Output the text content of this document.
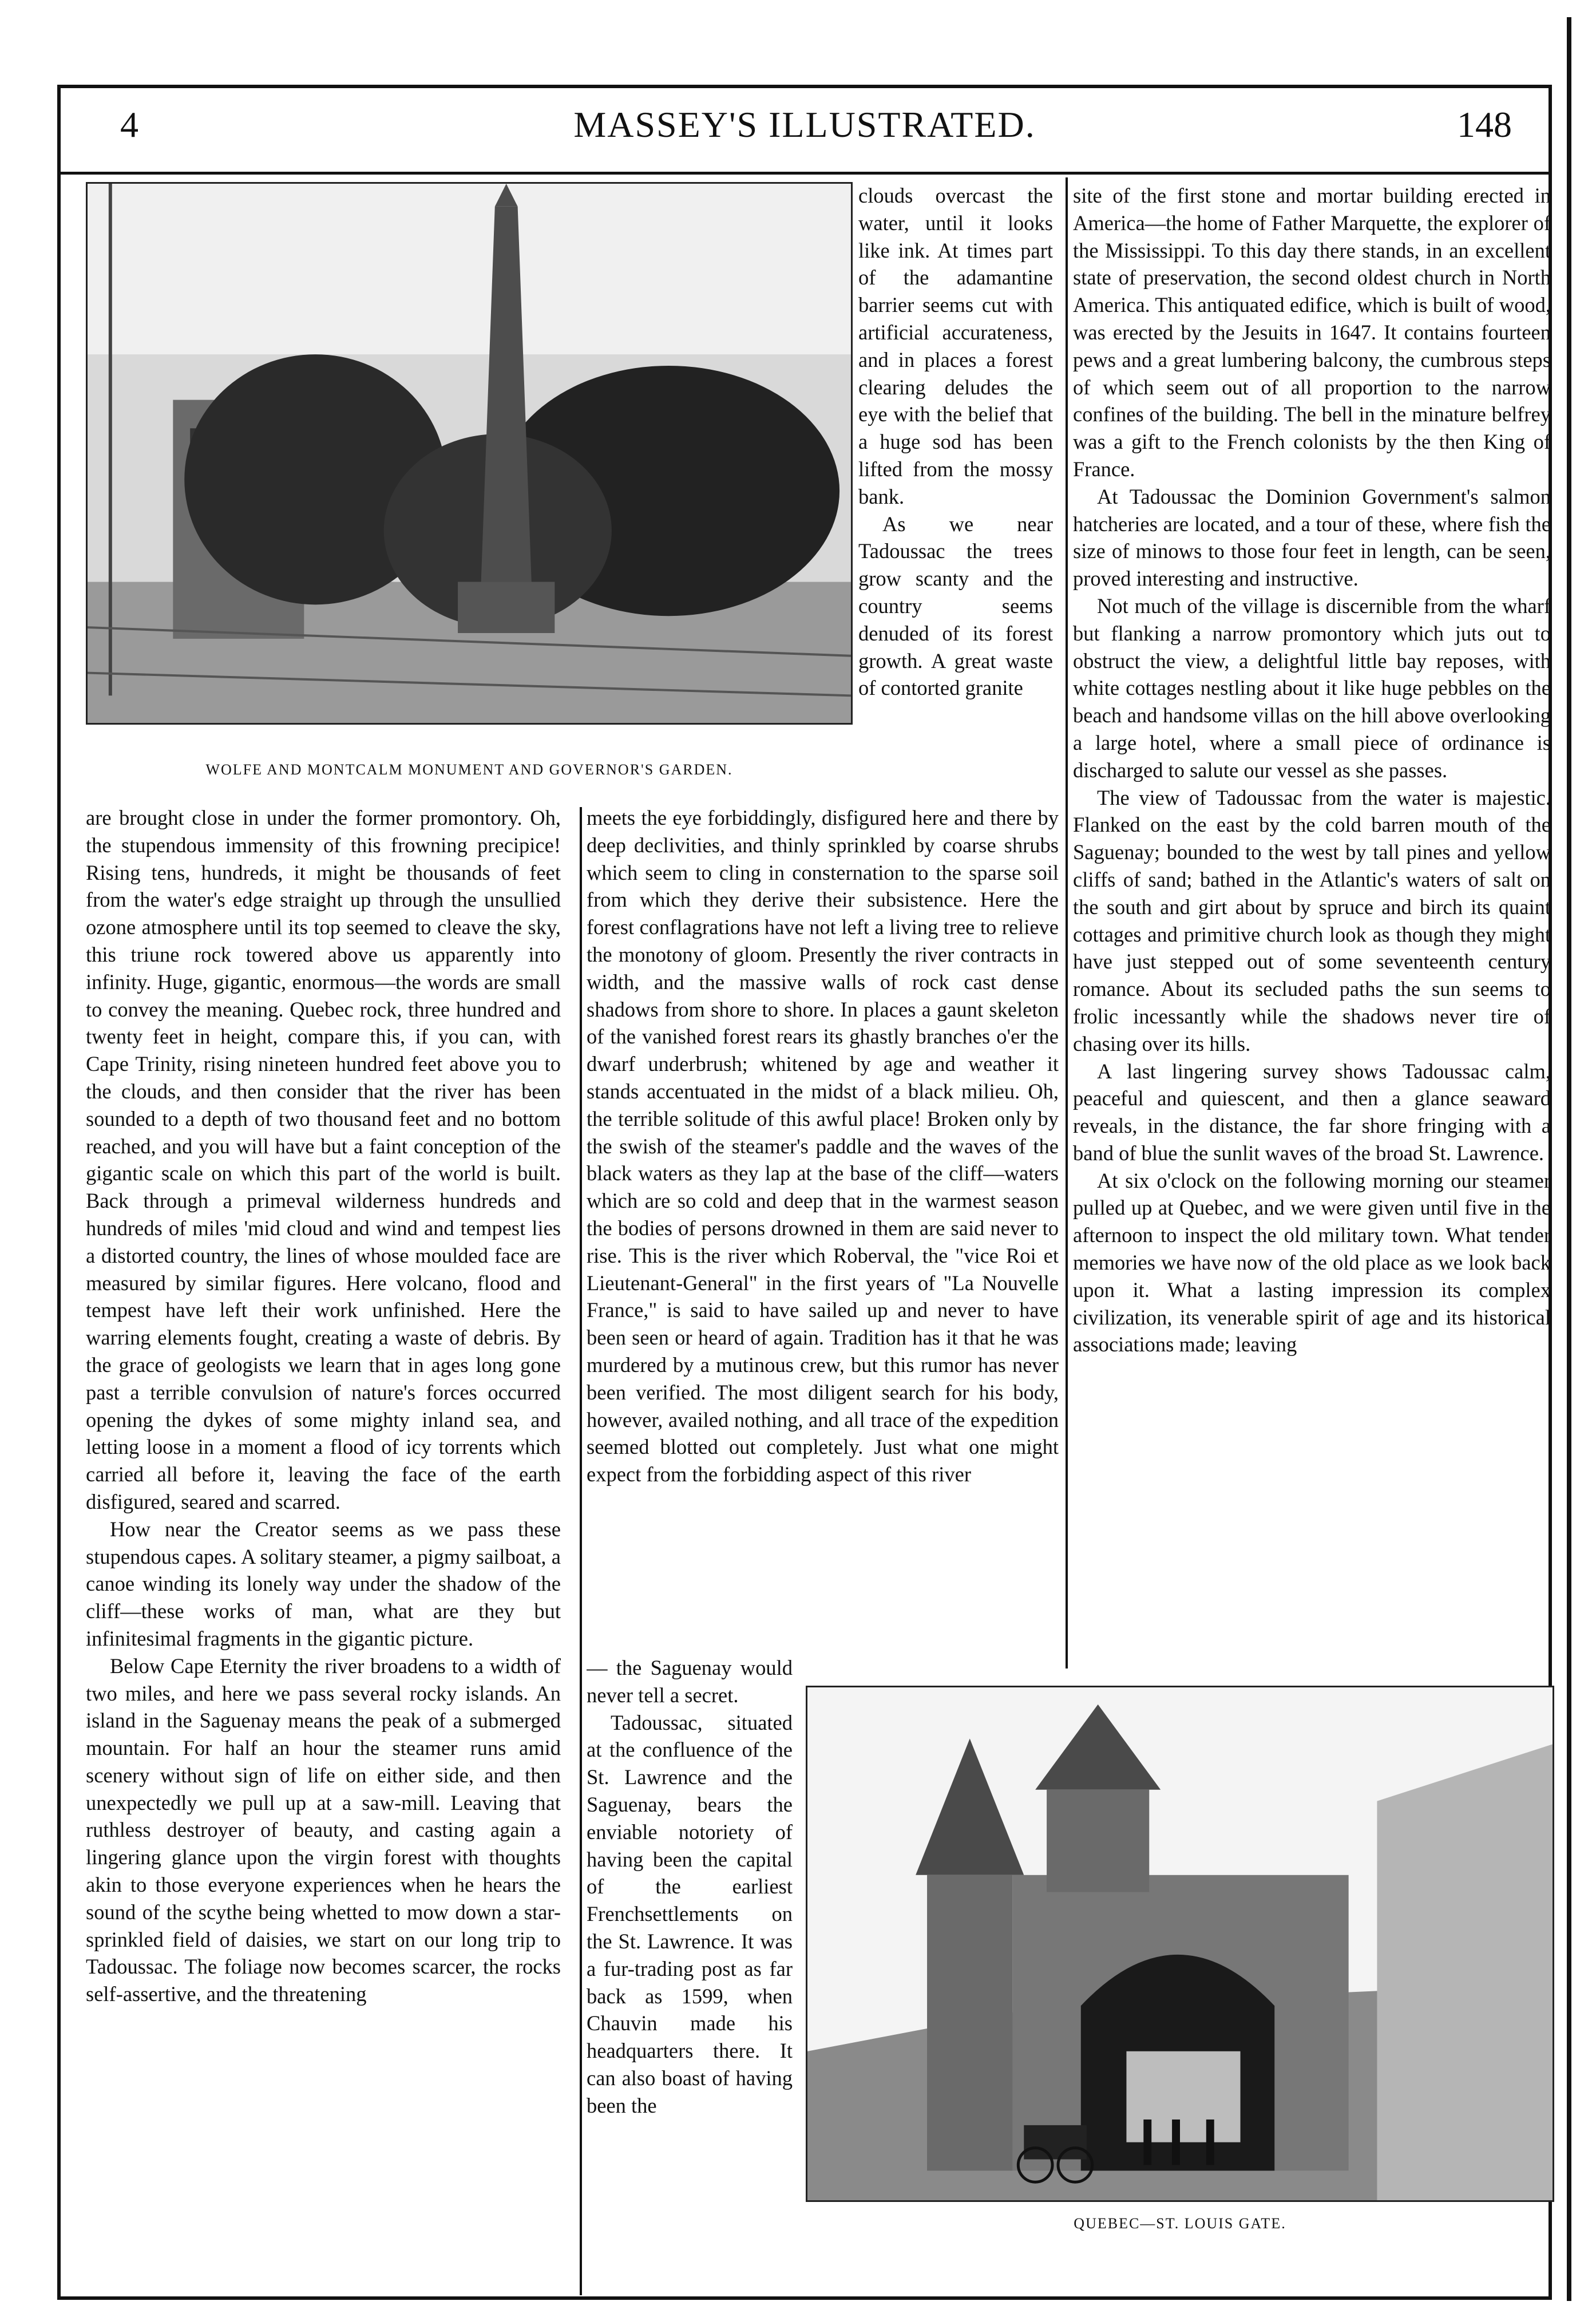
4	MASSEY'S ILLUSTRATED.	148
WOLFE AND MONTCALM MONUMENT AND GOVERNOR'S GARDEN.
QUEBEC—ST. LOUIS GATE.

clouds overcast the water, until it looks like ink. At times part of the adamantine barrier seems cut with artificial accurateness, and in places a forest clearing deludes the eye with the belief that a huge sod has been lifted from the mossy bank.

As we near Tadoussac the trees grow scanty and the country seems denuded of its forest growth. A great waste of contorted granite

are brought close in under the former promontory. Oh, the stupendous immensity of this frowning precipice! Rising tens, hundreds, it might be thousands of feet from the water's edge straight up through the unsullied ozone atmosphere until its top seemed to cleave the sky, this triune rock towered above us apparently into infinity. Huge, gigantic, enormous—the words are small to convey the meaning. Quebec rock, three hundred and twenty feet in height, compare this, if you can, with Cape Trinity, rising nineteen hundred feet above you to the clouds, and then consider that the river has been sounded to a depth of two thousand feet and no bottom reached, and you will have but a faint conception of the gigantic scale on which this part of the world is built. Back through a primeval wilderness hundreds and hundreds of miles 'mid cloud and wind and tempest lies a distorted country, the lines of whose moulded face are measured by similar figures. Here volcano, flood and tempest have left their work unfinished. Here the warring elements fought, creating a waste of debris. By the grace of geologists we learn that in ages long gone past a terrible convulsion of nature's forces occurred opening the dykes of some mighty inland sea, and letting loose in a moment a flood of icy torrents which carried all before it, leaving the face of the earth disfigured, seared and scarred.

How near the Creator seems as we pass these stupendous capes. A solitary steamer, a pigmy sailboat, a canoe winding its lonely way under the shadow of the cliff—these works of man, what are they but infinitesimal fragments in the gigantic picture.

Below Cape Eternity the river broadens to a width of two miles, and here we pass several rocky islands. An island in the Saguenay means the peak of a submerged mountain. For half an hour the steamer runs amid scenery without sign of life on either side, and then unexpectedly we pull up at a saw-mill. Leaving that ruthless destroyer of beauty, and casting again a lingering glance upon the virgin forest with thoughts akin to those everyone experiences when he hears the sound of the scythe being whetted to mow down a star-sprinkled field of daisies, we start on our long trip to Tadoussac. The foliage now becomes scarcer, the rocks self-assertive, and the threatening

meets the eye forbiddingly, disfigured here and there by deep declivities, and thinly sprinkled by coarse shrubs which seem to cling in consternation to the sparse soil from which they derive their subsistence. Here the forest conflagrations have not left a living tree to relieve the monotony of gloom. Presently the river contracts in width, and the massive walls of rock cast dense shadows from shore to shore. In places a gaunt skeleton of the vanished forest rears its ghastly branches o'er the dwarf underbrush; whitened by age and weather it stands accentuated in the midst of a black milieu. Oh, the terrible solitude of this awful place! Broken only by the swish of the steamer's paddle and the waves of the black waters as they lap at the base of the cliff—waters which are so cold and deep that in the warmest season the bodies of persons drowned in them are said never to rise. This is the river which Roberval, the "vice Roi et Lieutenant-General" in the first years of "La Nouvelle France," is said to have sailed up and never to have been seen or heard of again. Tradition has it that he was murdered by a mutinous crew, but this rumor has never been verified. The most diligent search for his body, however, availed nothing, and all trace of the expedition seemed blotted out completely. Just what one might expect from the forbidding aspect of this river

— the Saguenay would never tell a secret.

Tadoussac, situated at the confluence of the St. Lawrence and the Saguenay, bears the enviable notoriety of having been the capital of the earliest Frenchsettlements on the St. Lawrence. It was a fur-trading post as far back as 1599, when Chauvin made his headquarters there. It can also boast of having been the

site of the first stone and mortar building erected in America—the home of Father Marquette, the explorer of the Mississippi. To this day there stands, in an excellent state of preservation, the second oldest church in North America. This antiquated edifice, which is built of wood, was erected by the Jesuits in 1647. It contains fourteen pews and a great lumbering balcony, the cumbrous steps of which seem out of all proportion to the narrow confines of the building. The bell in the minature belfrey was a gift to the French colonists by the then King of France.

At Tadoussac the Dominion Government's salmon hatcheries are located, and a tour of these, where fish the size of minows to those four feet in length, can be seen, proved interesting and instructive.

Not much of the village is discernible from the wharf but flanking a narrow promontory which juts out to obstruct the view, a delightful little bay reposes, with white cottages nestling about it like huge pebbles on the beach and handsome villas on the hill above overlooking a large hotel, where a small piece of ordinance is discharged to salute our vessel as she passes.

The view of Tadoussac from the water is majestic. Flanked on the east by the cold barren mouth of the Saguenay; bounded to the west by tall pines and yellow cliffs of sand; bathed in the Atlantic's waters of salt on the south and girt about by spruce and birch its quaint cottages and primitive church look as though they might have just stepped out of some seventeenth century romance. About its secluded paths the sun seems to frolic incessantly while the shadows never tire of chasing over its hills.

A last lingering survey shows Tadoussac calm, peaceful and quiescent, and then a glance seaward reveals, in the distance, the far shore fringing with a band of blue the sunlit waves of the broad St. Lawrence.

At six o'clock on the following morning our steamer pulled up at Quebec, and we were given until five in the afternoon to inspect the old military town. What tender memories we have now of the old place as we look back upon it. What a lasting impression its complex civilization, its venerable spirit of age and its historical associations made; leaving
